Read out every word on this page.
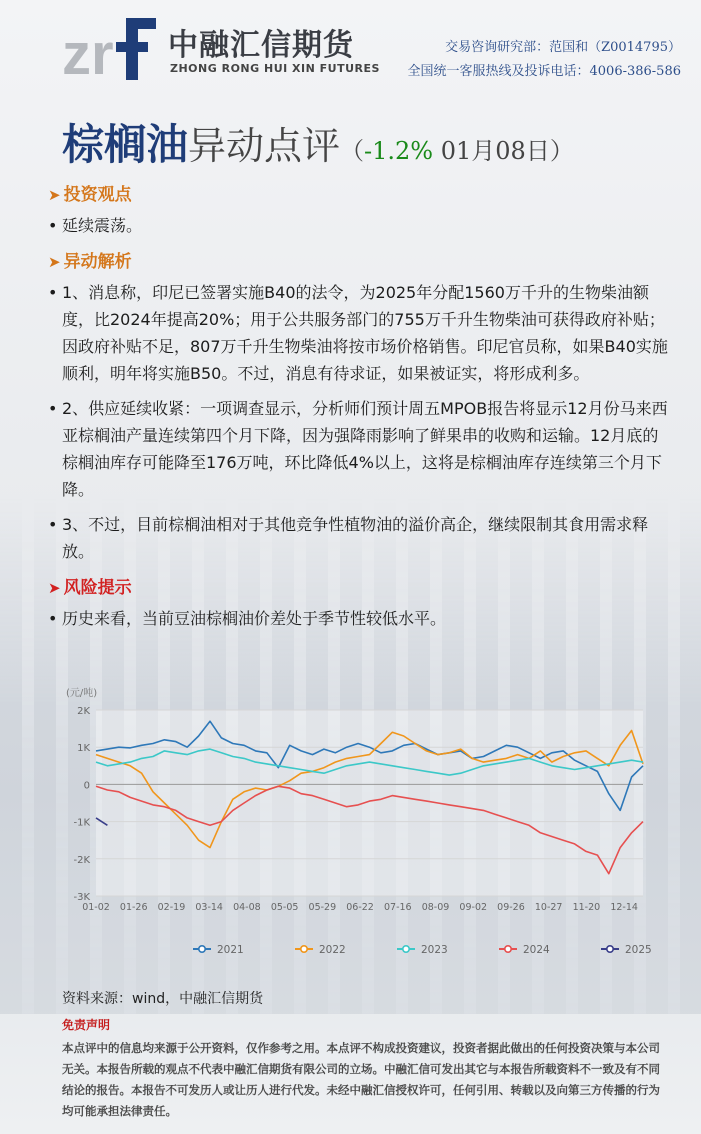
zr 中融汇信期货
ZHONG RONG HUI XIN FUTURES
交易咨询研究部：范国和（Z0014795）
全国统一客服热线及投诉电话：4006-386-586
棕榈油异动点评（-1.2% 01月08日）
➤ 投资观点

• 延续震荡。

➤ 异动解析

• 1、消息称，印尼已签署实施B40的法令，为2025年分配1560万千升的生物柴油额度，比2024年提高20%；用于公共服务部门的755万千升生物柴油可获得政府补贴；因政府补贴不足，807万千升生物柴油将按市场价格销售。印尼官员称，如果B40实施顺利，明年将实施B50。不过，消息有待求证，如果被证实，将形成利多。

• 2、供应延续收紧：一项调查显示，分析师们预计周五MPOB报告将显示12月份马来西亚棕榈油产量连续第四个月下降，因为强降雨影响了鲜果串的收购和运输。12月底的棕榈油库存可能降至176万吨，环比降低4%以上，这将是棕榈油库存连续第三个月下降。

• 3、不过，目前棕榈油相对于其他竞争性植物油的溢价高企，继续限制其食用需求释放。

➤ 风险提示

• 历史来看，当前豆油棕榈油价差处于季节性较低水平。

(元/吨)
2K
1K
0
-1K
-2K
-3K
01-02 01-26 02-19 03-14 04-08 05-05 05-29 06-22 07-16 08-09 09-02 09-26 10-27 11-20 12-14
2021	2022	2023	2024	2025
资料来源：wind，中融汇信期货
免责声明
本点评中的信息均来源于公开资料，仅作参考之用。本点评不构成投资建议，投资者据此做出的任何投资决策与本公司无关。本报告所载的观点不代表中融汇信期货有限公司的立场。中融汇信可发出其它与本报告所载资料不一致及有不同结论的报告。本报告不可发历人或让历人进行代发。未经中融汇信授权许可，任何引用、转载以及向第三方传播的行为均可能承担法律责任。
